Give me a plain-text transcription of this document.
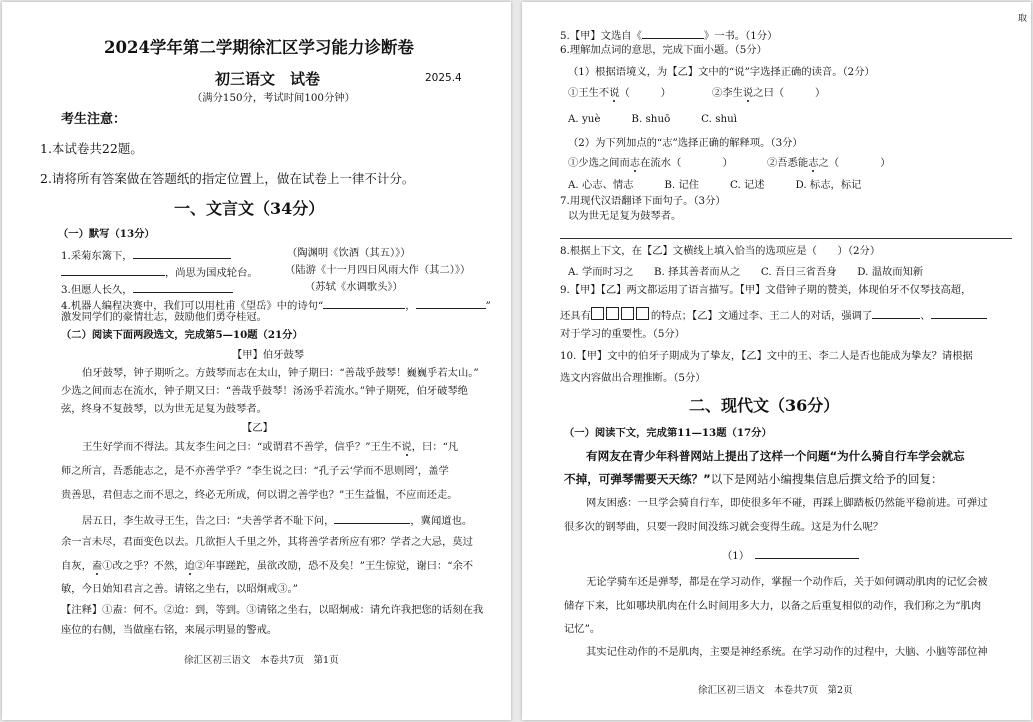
2024学年第二学期徐汇区学习能力诊断卷
初三语文　试卷	2025.4
（满分150分，考试时间100分钟）
考生注意：
1.本试卷共22题。
2.请将所有答案做在答题纸的指定位置上，做在试卷上一律不计分。
一、文言文（34分）
（一）默写（13分）
1.采菊东篱下，	（陶渊明《饮酒（其五）》）
，尚思为国戍轮台。	（陆游《十一月四日风雨大作（其二）》）
3.但愿人长久，	（苏轼《水调歌头》）
4.机器人编程决赛中，我们可以用杜甫《望岳》中的诗句“	，	”
激发同学们的豪情壮志，鼓励他们勇夺桂冠。
（二）阅读下面两段选文，完成第5—10题（21分）
【甲】伯牙鼓琴
伯牙鼓琴，钟子期听之。方鼓琴而志在太山，钟子期曰：“善哉乎鼓琴！巍巍乎若太山。”
少选之间而志在流水，钟子期又曰：“善哉乎鼓琴！汤汤乎若流水。”钟子期死，伯牙破琴绝
弦，终身不复鼓琴，以为世无足复为鼓琴者。
【乙】
王生好学而不得法。其友李生问之曰：“或谓君不善学，信乎？”王生不说，曰：“凡
师之所言，吾悉能志之，是不亦善学乎？”李生说之曰：“孔子云‘学而不思则罔’，盖学
贵善思，君但志之而不思之，终必无所成，何以谓之善学也？”王生益愠，不应而还走。
居五日，李生故寻王生，告之曰：“夫善学者不耻下问，	，冀闻道也。
余一言未尽，君面变色以去。几欲拒人千里之外，其将善学者所应有邪？学者之大忌，莫过
自灰，盍①改之乎？不然，迨②年事蹉跎，虽欲改励，恐不及矣！”王生惊觉，谢曰：“余不
敏，今日始知君言之善。请铭之坐右，以昭炯戒③。”
【注释】①盍：何不。②迨：到，等到。③请铭之坐右，以昭炯戒：请允许我把您的话刻在我
座位的右侧，当做座右铭，来展示明显的警戒。
徐汇区初三语文　本卷共7页　第1页
取
5.【甲】文选自《	》一书。（1分）
6.理解加点词的意思，完成下面小题。（5分）
（1）根据语境义，为【乙】文中的“说”字选择正确的读音。（2分）
①王生不说（　　　）	②李生说之曰（　　　）
A. yuè　　　B. shuō　　　C. shuì
（2）为下列加点的“志”选择正确的解释项。（3分）
①少选之间而志在流水（　　　　）	②吾悉能志之（　　　　）
A. 心志、情志　　　B. 记住　　　C. 记述　　　D. 标志，标记
7.用现代汉语翻译下面句子。（3分）
以为世无足复为鼓琴者。
8.根据上下文，在【乙】文横线上填入恰当的选项应是（　　）（2分）
A. 学而时习之　　B. 择其善者而从之　　C. 吾日三省吾身　　D. 温故而知新
9.【甲】【乙】两文都运用了语言描写。【甲】文借钟子期的赞美，体现伯牙不仅琴技高超，
还具有	的特点；【乙】文通过李、王二人的对话，强调了	、
对于学习的重要性。（5分）
10.【甲】文中的伯牙子期成为了挚友，【乙】文中的王、李二人是否也能成为挚友？请根据
选文内容做出合理推断。（5分）
二、现代文（36分）
（一）阅读下文，完成第11—13题（17分）
有网友在青少年科普网站上提出了这样一个问题“为什么骑自行车学会就忘
不掉，可弹琴需要天天练？”以下是网站小编搜集信息后撰文给予的回复：
网友困惑：一旦学会骑自行车，即使很多年不碰，再踩上脚踏板仍然能平稳前进。可弹过
很多次的钢琴曲，只要一段时间没练习就会变得生疏。这是为什么呢？
（1）
无论学骑车还是弹琴，都是在学习动作，掌握一个动作后，关于如何调动肌肉的记忆会被
储存下来，比如哪块肌肉在什么时间用多大力，以备之后重复相似的动作，我们称之为“肌肉
记忆”。
其实记住动作的不是肌肉，主要是神经系统。在学习动作的过程中，大脑、小脑等部位神
徐汇区初三语文　本卷共7页　第2页
